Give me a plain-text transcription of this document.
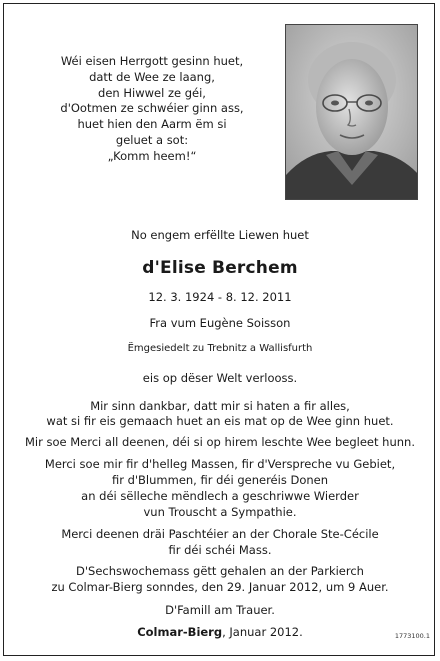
Wéi eisen Herrgott gesinn huet,
datt de Wee ze laang,
den Hiwwel ze géi,
d'Ootmen ze schwéier ginn ass,
huet hien den Aarm ëm si
geluet a sot:
„Komm heem!“
No engem erfëllte Liewen huet
d'Elise Berchem
12. 3. 1924 - 8. 12. 2011
Fra vum Eugène Soisson
Ëmgesiedelt zu Trebnitz a Wallisfurth
eis op dëser Welt verlooss.
Mir sinn dankbar, datt mir si haten a fir alles,
wat si fir eis gemaach huet an eis mat op de Wee ginn huet.
Mir soe Merci all deenen, déi si op hirem leschte Wee begleet hunn.
Merci soe mir fir d'helleg Massen, fir d'Verspreche vu Gebiet,
fir d'Blummen, fir déi generéis Donen
an déi sëlleche mëndlech a geschriwwe Wierder
vun Trouscht a Sympathie.
Merci deenen dräi Paschtéier an der Chorale Ste-Cécile
fir déi schéi Mass.
D'Sechswochemass gëtt gehalen an der Parkierch
zu Colmar-Bierg sonndes, den 29. Januar 2012, um 9 Auer.
D'Famill am Trauer.
Colmar-Bierg, Januar 2012.	1773100.1
